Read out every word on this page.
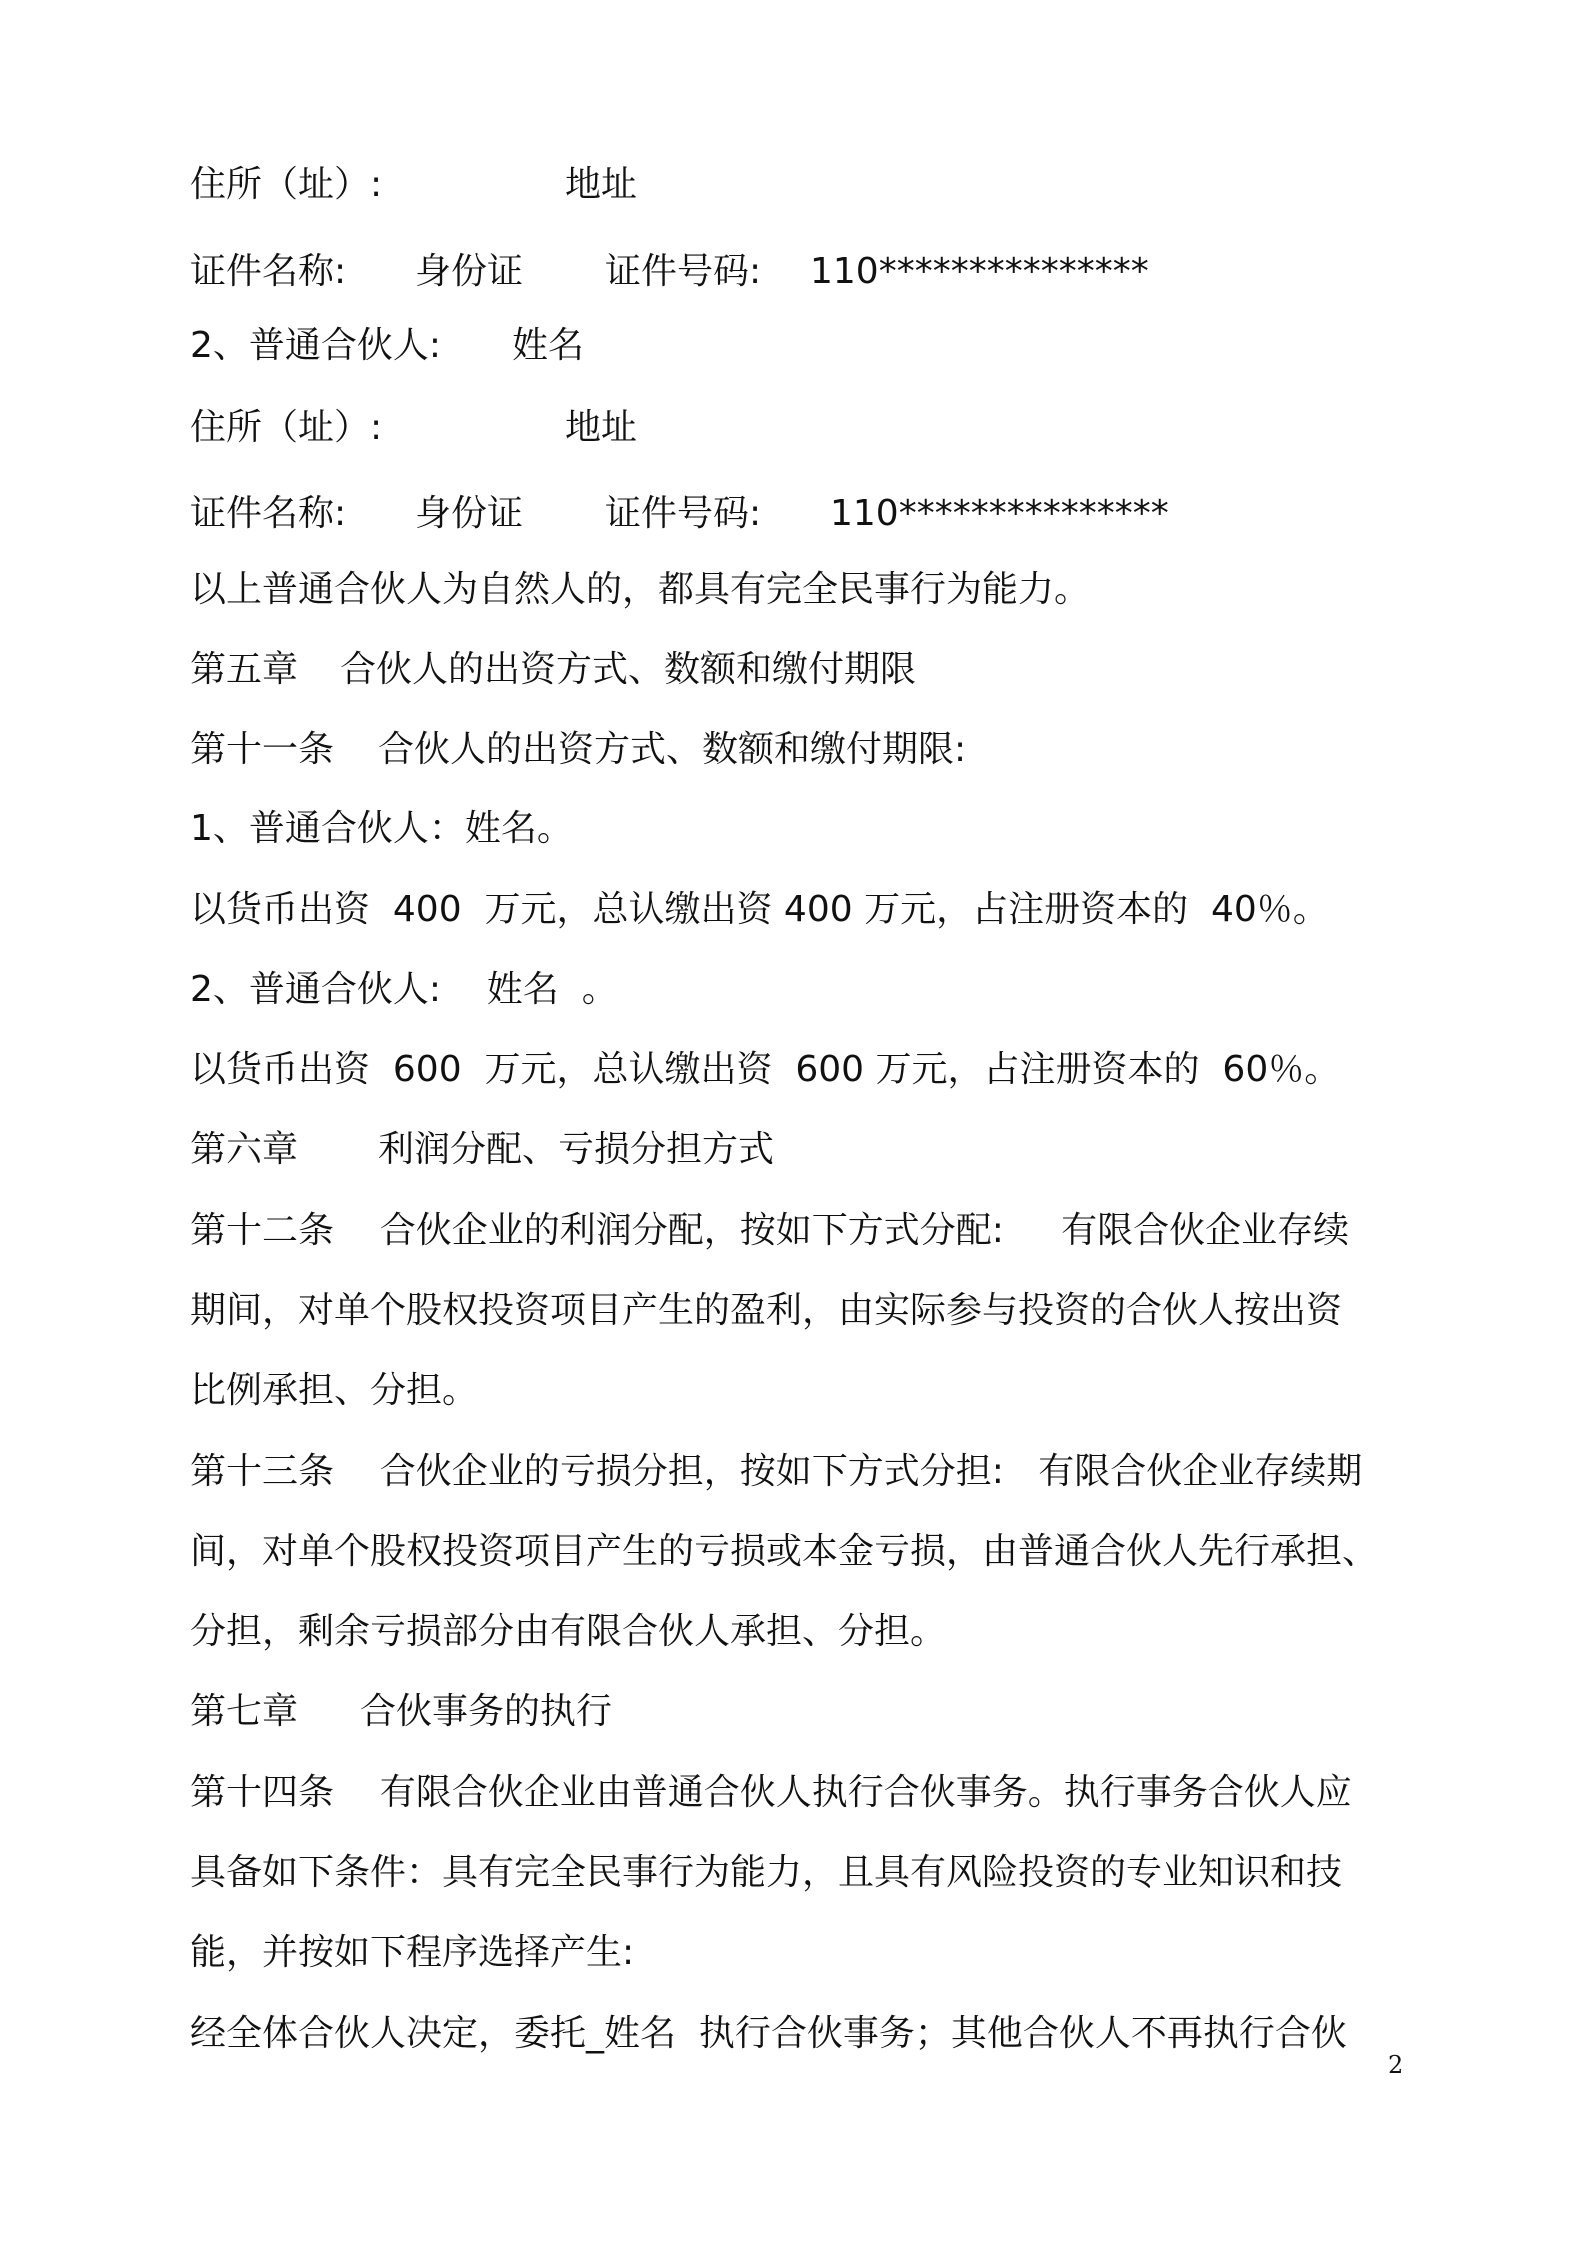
住所（址）:

	地址

证件名称:

身份证

证件号码:

110***************

2、普通合伙人:

姓名

住所（址）:

	地址

证件名称:

身份证

证件号码:

110***************

以上普通合伙人为自然人的，都具有完全民事行为能力。

第五章

合伙人的出资方式、数额和缴付期限

第十一条

合伙人的出资方式、数额和缴付期限:

1、普通合伙人：姓名。
以货币出资  400  万元，总认缴出资 400 万元，占注册资本的  40％。
2、普通合伙人:    姓名  。
以货币出资  600  万元，总认缴出资  600 万元，占注册资本的  60％。

第六章

利润分配、亏损分担方式

第十二条    合伙企业的利润分配，按如下方式分配:     有限合伙企业存续
期间，对单个股权投资项目产生的盈利，由实际参与投资的合伙人按出资
比例承担、分担。
第十三条    合伙企业的亏损分担，按如下方式分担:   有限合伙企业存续期
间，对单个股权投资项目产生的亏损或本金亏损，由普通合伙人先行承担、
分担，剩余亏损部分由有限合伙人承担、分担。

第七章

合伙事务的执行

第十四条    有限合伙企业由普通合伙人执行合伙事务。执行事务合伙人应
具备如下条件：具有完全民事行为能力，且具有风险投资的专业知识和技
能，并按如下程序选择产生:
经全体合伙人决定，委托_姓名  执行合伙事务；其他合伙人不再执行合伙
2
